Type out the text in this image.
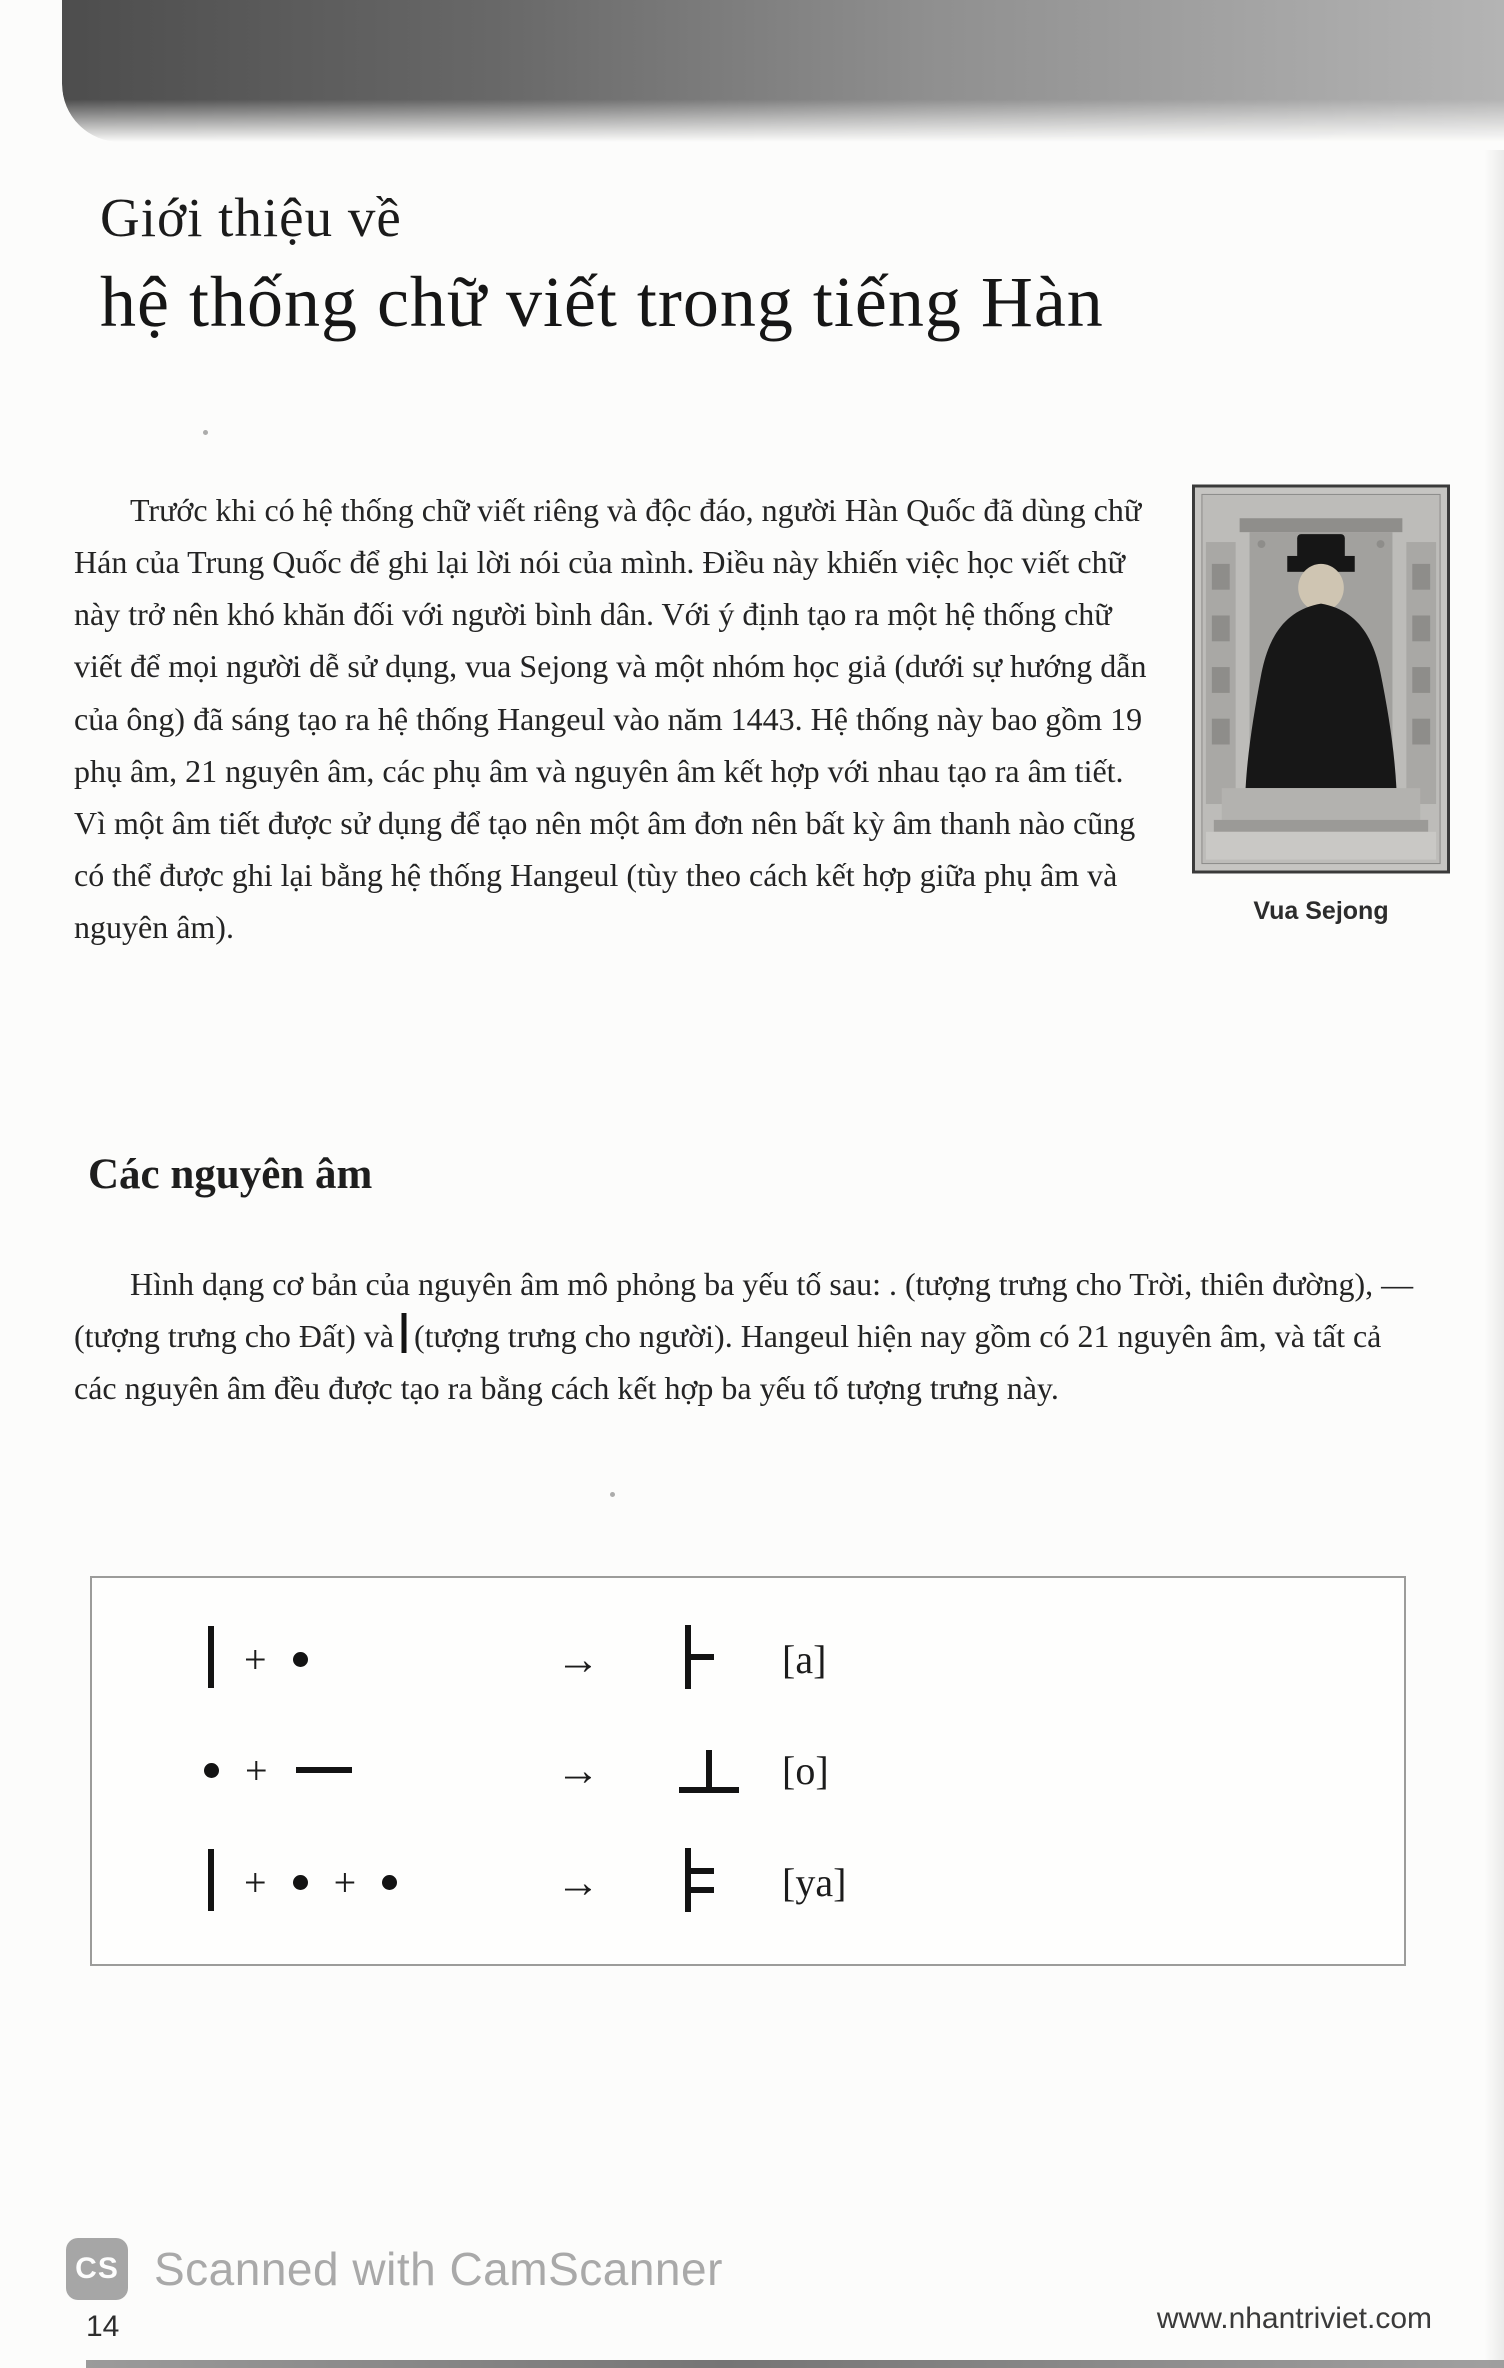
Giới thiệu về
hệ thống chữ viết trong tiếng Hàn

Trước khi có hệ thống chữ viết riêng và độc đáo, người Hàn Quốc đã dùng chữ Hán của Trung Quốc để ghi lại lời nói của mình. Điều này khiến việc học viết chữ này trở nên khó khăn đối với người bình dân. Với ý định tạo ra một hệ thống chữ viết để mọi người dễ sử dụng, vua Sejong và một nhóm học giả (dưới sự hướng dẫn của ông) đã sáng tạo ra hệ thống Hangeul vào năm 1443. Hệ thống này bao gồm 19 phụ âm, 21 nguyên âm, các phụ âm và nguyên âm kết hợp với nhau tạo ra âm tiết. Vì một âm tiết được sử dụng để tạo nên một âm đơn nên bất kỳ âm thanh nào cũng có thể được ghi lại bằng hệ thống Hangeul (tùy theo cách kết hợp giữa phụ âm và nguyên âm).	Vua Sejong
Các nguyên âm

Hình dạng cơ bản của nguyên âm mô phỏng ba yếu tố sau: . (tượng trưng cho Trời, thiên đường), — (tượng trưng cho Đất) và (tượng trưng cho người). Hangeul hiện nay gồm có 21 nguyên âm, và tất cả các nguyên âm đều được tạo ra bằng cách kết hợp ba yếu tố tượng trưng này.

+	→	[a]
+	→	[o]
+ +	→	[ya]
CS Scanned with CamScanner
14	www.nhantriviet.com
